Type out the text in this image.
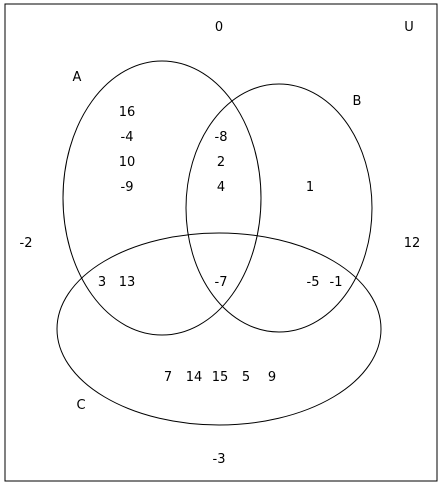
U
A
B
C
0
-2	12
-3
16
-4
10
-9
-8
2
4	1
3 13	-7	-5 -1
7 14 15 5 9
